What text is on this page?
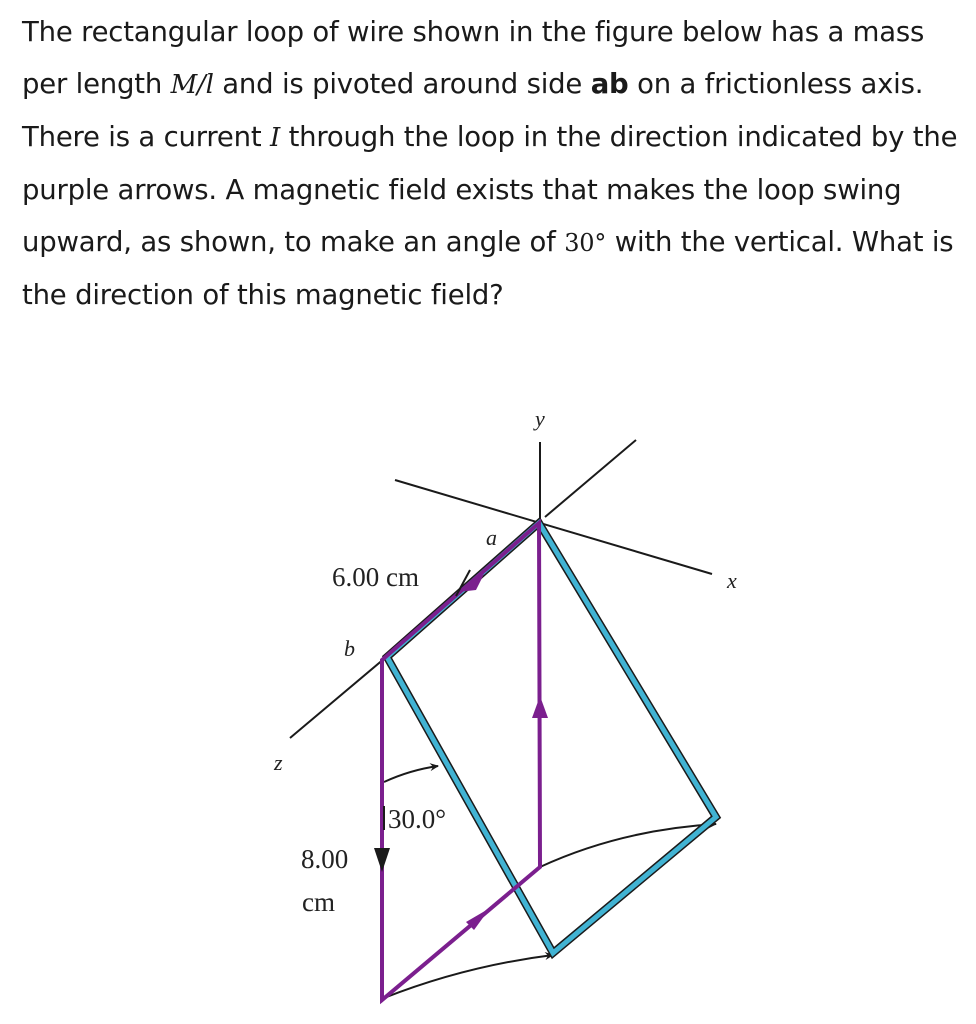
The rectangular loop of wire shown in the figure below has a mass per length M/l and is pivoted around side ab on a frictionless axis. There is a current I through the loop in the direction indicated by the purple arrows. A magnetic field exists that makes the loop swing upward, as shown, to make an angle of 30° with the vertical. What is the direction of this magnetic field?

y
x
z
a
b
6.00 cm
30.0°
8.00
cm
